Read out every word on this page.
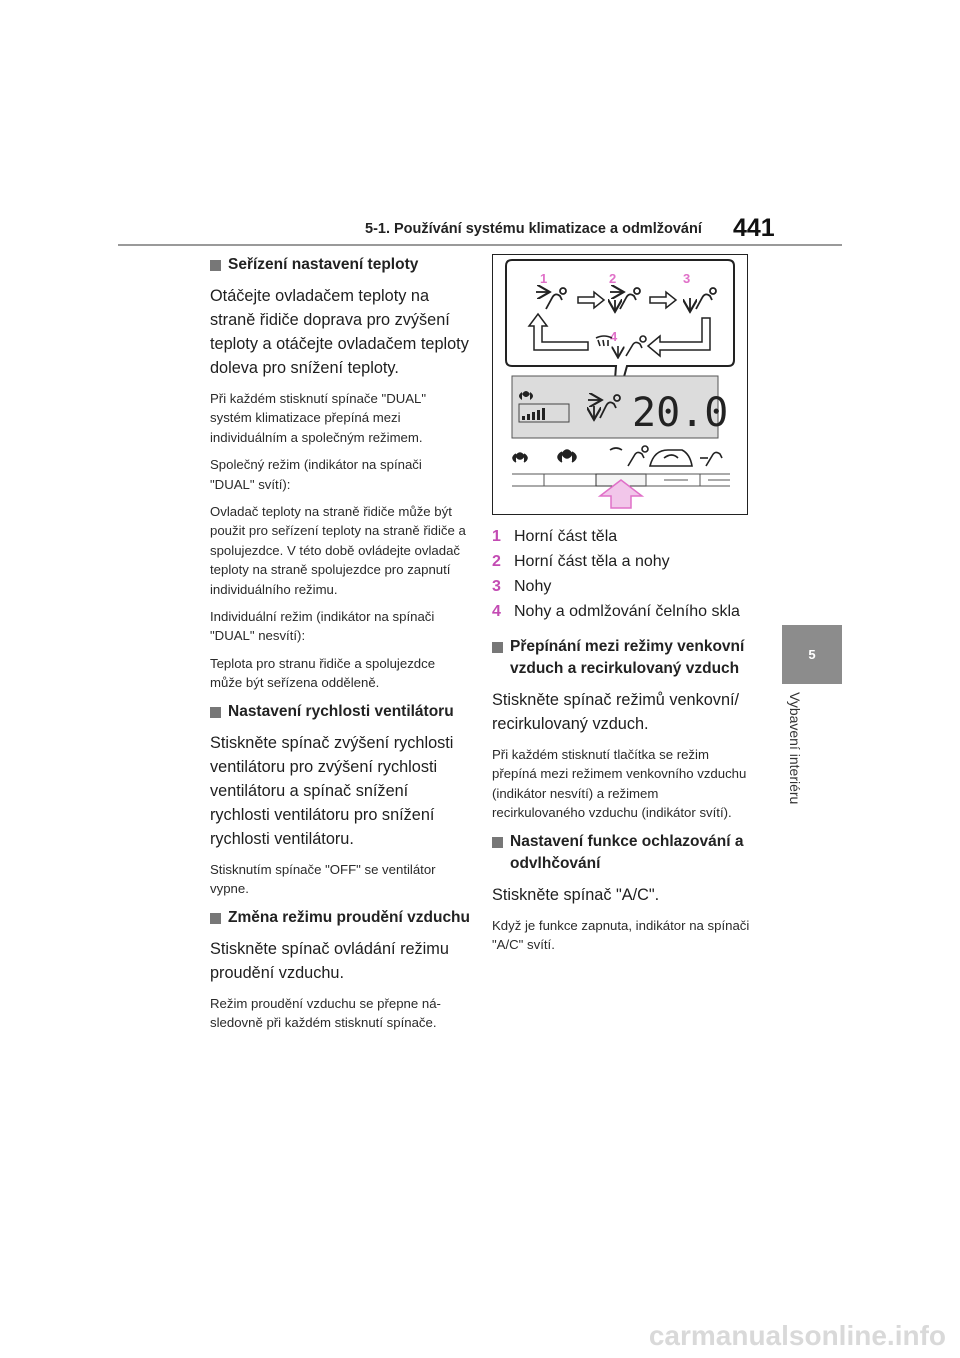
5-1. Používání systému klimatizace a odmlžování 441
5
Vybavení interiéru
Seřízení nastavení teploty
Otáčejte ovladačem teploty na straně řidiče doprava pro zvýšení teploty a otáčejte ovladačem teploty doleva pro snížení teploty.
Při každém stisknutí spínače "DUAL" systém klimatizace přepíná mezi individuálním a společným režimem.
Společný režim (indikátor na spínači "DUAL" svítí):
Ovladač teploty na straně řidiče může být použit pro seřízení teploty na straně řidiče a spolujezdce. V této době ovládejte ovladač teploty na straně spolujezdce pro zapnutí individuálního režimu.
Individuální režim (indikátor na spínači "DUAL" nesvítí):
Teplota pro stranu řidiče a spolujezdce může být seřízena odděleně.
Nastavení rychlosti ventilátoru
Stiskněte spínač zvýšení rychlosti ventilátoru pro zvýšení rychlosti ventilátoru a spínač snížení rychlosti ventilátoru pro snížení rychlosti ventilátoru.
Stisknutím spínače "OFF" se ventilátor vypne.
Změna režimu proudění vzduchu
Stiskněte spínač ovládání režimu proudění vzduchu.
Režim proudění vzduchu se přepne ná- sledovně při každém stisknutí spínače.
1	2	3
4
20.0
1 Horní část těla
2 Horní část těla a nohy
3 Nohy
4 Nohy a odmlžování čelního skla
Přepínání mezi režimy venkovní vzduch a recirkulovaný vzduch
Stiskněte spínač režimů venkovní/ recirkulovaný vzduch.
Při každém stisknutí tlačítka se režim přepíná mezi režimem venkovního vzduchu (indikátor nesvítí) a režimem recirkulovaného vzduchu (indikátor svítí).
Nastavení funkce ochlazování a odvlhčování
Stiskněte spínač "A/C".
Když je funkce zapnuta, indikátor na spínači "A/C" svítí.
carmanualsonline.info
